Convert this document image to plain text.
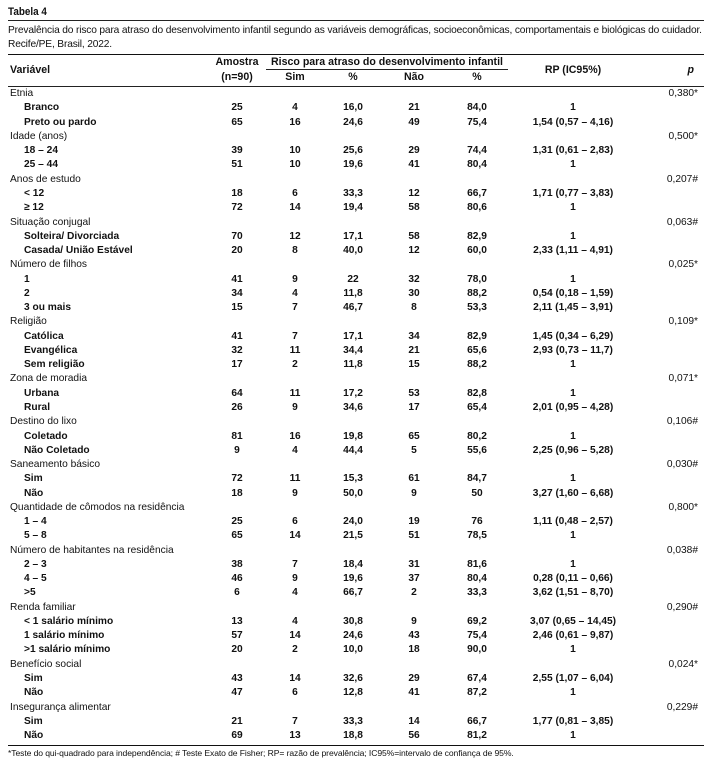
Tabela 4
Prevalência do risco para atraso do desenvolvimento infantil segundo as variáveis demográficas, socioeconômicas, comportamentais e biológicas do cuidador. Recife/PE, Brasil, 2022.
Variável	Amostra	Risco para atraso do desenvolvimento infantil				RP (IC95%)	p
	(n=90)	Sim	%	Não	%		

Etnia							0,380*
Branco	25	4	16,0	21	84,0	1	
Preto ou pardo	65	16	24,6	49	75,4	1,54 (0,57 – 4,16)	
Idade (anos)							0,500*
18 – 24	39	10	25,6	29	74,4	1,31 (0,61 – 2,83)	
25 – 44	51	10	19,6	41	80,4	1	
Anos de estudo							0,207#
< 12	18	6	33,3	12	66,7	1,71 (0,77 – 3,83)	
≥ 12	72	14	19,4	58	80,6	1	
Situação conjugal							0,063#
Solteira/ Divorciada	70	12	17,1	58	82,9	1	
Casada/ União Estável	20	8	40,0	12	60,0	2,33 (1,11 – 4,91)	
Número de filhos							0,025*
1	41	9	22	32	78,0	1	
2	34	4	11,8	30	88,2	0,54 (0,18 – 1,59)	
3 ou mais	15	7	46,7	8	53,3	2,11 (1,45 – 3,91)	
Religião							0,109*
Católica	41	7	17,1	34	82,9	1,45 (0,34 – 6,29)	
Evangélica	32	11	34,4	21	65,6	2,93 (0,73 – 11,7)	
Sem religião	17	2	11,8	15	88,2	1	
Zona de moradia							0,071*
Urbana	64	11	17,2	53	82,8	1	
Rural	26	9	34,6	17	65,4	2,01 (0,95 – 4,28)	
Destino do lixo							0,106#
Coletado	81	16	19,8	65	80,2	1	
Não Coletado	9	4	44,4	5	55,6	2,25 (0,96 – 5,28)	
Saneamento básico							0,030#
Sim	72	11	15,3	61	84,7	1	
Não	18	9	50,0	9	50	3,27 (1,60 – 6,68)	
Quantidade de cômodos na residência							0,800*
1 – 4	25	6	24,0	19	76	1,11 (0,48 – 2,57)	
5 – 8	65	14	21,5	51	78,5	1	
Número de habitantes na residência							0,038#
2 – 3	38	7	18,4	31	81,6	1	
4 – 5	46	9	19,6	37	80,4	0,28 (0,11 – 0,66)	
>5	6	4	66,7	2	33,3	3,62 (1,51 – 8,70)	
Renda familiar							0,290#
< 1 salário mínimo	13	4	30,8	9	69,2	3,07 (0,65 – 14,45)	
1 salário mínimo	57	14	24,6	43	75,4	2,46 (0,61 – 9,87)	
>1 salário mínimo	20	2	10,0	18	90,0	1	
Benefício social							0,024*
Sim	43	14	32,6	29	67,4	2,55 (1,07 – 6,04)	
Não	47	6	12,8	41	87,2	1	
Insegurança alimentar							0,229#
Sim	21	7	33,3	14	66,7	1,77 (0,81 – 3,85)	
Não	69	13	18,8	56	81,2	1	
*Teste do qui-quadrado para independência; # Teste Exato de Fisher; RP= razão de prevalência; IC95%=intervalo de confiança de 95%.
